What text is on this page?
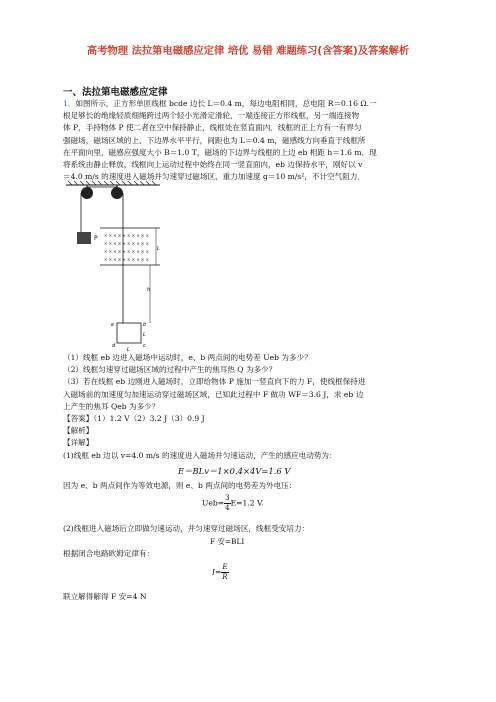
高考物理 法拉第电磁感应定律 培优 易错 难题练习(含答案)及答案解析
一、法拉第电磁感应定律
1．如图所示，正方形单匝线框 bcde 边长 L＝0.4 m，每边电阻相同，总电阻 R＝0.16 Ω.一
根足够长的绝缘轻质细绳跨过两个轻小光滑定滑轮，一端连接正方形线框，另一端连接物
体 P，手持物体 P 使二者在空中保持静止，线框处在竖直面内．线框的正上方有一有界匀
强磁场，磁场区域的上、下边界水平平行，间距也为 L＝0.4 m，磁感线方向垂直于线框所
在平面向里，磁感应强度大小 B＝1.0 T，磁场的下边界与线框的上边 eb 相距 h＝1.6 m．现
将系统由静止释放，线框向上运动过程中始终在同一竖直面内，eb 边保持水平，刚好以 v
＝4.0 m/s 的速度进入磁场并匀速穿过磁场区，重力加速度 g＝10 m/s²，不计空气阻力．
P × × × × × × × × × ×
× × × × × × × × × ×
× × × × × × × × × ×
× × × × × × × × × ×
L
h
e	b
d	c
L
L
（1）线框 eb 边进入磁场中运动时，e、b 两点间的电势差 Ueb 为多少？
（2）线框匀速穿过磁场区域的过程中产生的焦耳热 Q 为多少？
（3）若在线框 eb 边刚进入磁场时，立即给物体 P 施加一竖直向下的力 F，使线框保持进
入磁场前的加速度匀加速运动穿过磁场区域，已知此过程中 F 做功 WF＝3.6 J，求 eb 边
上产生的焦耳 Qeb 为多少？
【答案】（1）1.2 V（2）3.2 J（3）0.9 J
【解析】
【详解】
(1)线框 eb 边以 v=4.0 m/s 的速度进入磁场并匀速运动，产生的感应电动势为：
E＝BLv＝1×0.4×4V=1.6 V
因为 e、b 两点间作为等效电源，则 e、b 两点间的电势差为外电压：
$Ueb= \frac{3}{4} E=1.2$ V.
(2)线框进入磁场后立即做匀速运动，并匀速穿过磁场区，线框受安培力：
F 安=BLI
根据闭合电路欧姆定律有：
$I= \frac{E}{R}$
联立解得解得 F 安=4 N
